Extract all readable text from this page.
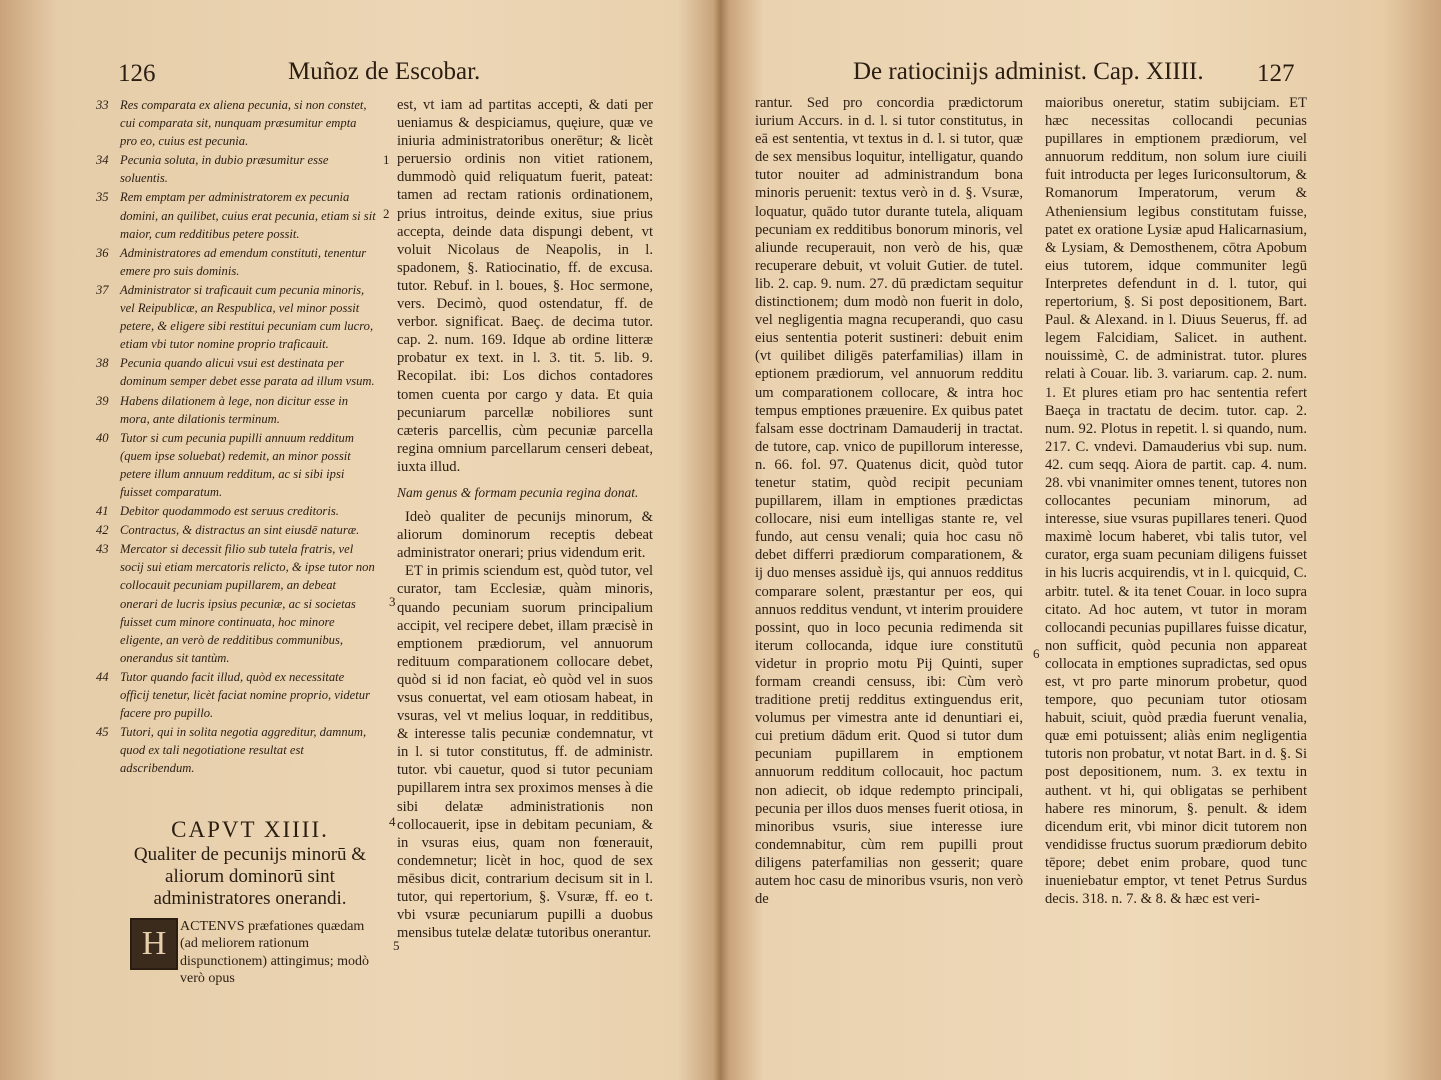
126	Muñoz de Escobar.
33 Res comparata ex aliena pecunia, si non constet, cui comparata sit, nunquam præsumitur empta pro eo, cuius est pecunia.
34 Pecunia soluta, in dubio præsumitur esse soluentis.
35 Rem emptam per administratorem ex pecunia domini, an quilibet, cuius erat pecunia, etiam si sit maior, cum redditibus petere possit.
36 Administratores ad emendum constituti, tenentur emere pro suis dominis.
37 Administrator si traficauit cum pecunia minoris, vel Reipublicæ, an Respublica, vel minor possit petere, & eligere sibi restitui pecuniam cum lucro, etiam vbi tutor nomine proprio traficauit.
38 Pecunia quando alicui vsui est destinata per dominum semper debet esse parata ad illum vsum.
39 Habens dilationem à lege, non dicitur esse in mora, ante dilationis terminum.
40 Tutor si cum pecunia pupilli annuum redditum (quem ipse soluebat) redemit, an minor possit petere illum annuum redditum, ac si sibi ipsi fuisset comparatum.
41 Debitor quodammodo est seruus creditoris.
42 Contractus, & distractus an sint eiusdē naturæ.
43 Mercator si decessit filio sub tutela fratris, vel socij sui etiam mercatoris relicto, & ipse tutor non collocauit pecuniam pupillarem, an debeat onerari de lucris ipsius pecuniæ, ac si societas fuisset cum minore continuata, hoc minore eligente, an verò de redditibus communibus, onerandus sit tantùm.
44 Tutor quando facit illud, quòd ex necessitate officij tenetur, licèt faciat nomine proprio, videtur facere pro pupillo.
45 Tutori, qui in solita negotia aggreditur, damnum, quod ex tali negotiatione resultat est adscribendum.
CAPVT XIIII.
Qualiter de pecunijs minorū & aliorum dominorū sint administratores onerandi.
H ACTENVS præfationes quædam (ad meliorem rationum dispunctionem) attingimus; modò verò opus

est, vt iam ad partitas accepti, & dati per ueniamus & despiciamus, quęiure, quæ ve iniuria administratoribus onerētur; & licèt peruersio ordinis non vitiet rationem, dummodò quid reliquatum fuerit, pateat: tamen ad rectam rationis ordinationem, prius introitus, deinde exitus, siue prius accepta, deinde data dispungi debent, vt voluit Nicolaus de Neapolis, in l. spadonem, §. Ratiocinatio, ff. de excusa. tutor. Rebuf. in l. boues, §. Hoc sermone, vers. Decimò, quod ostendatur, ff. de verbor. significat. Baeç. de decima tutor. cap. 2. num. 169. Idque ab ordine litteræ probatur ex text. in l. 3. tit. 5. lib. 9. Recopilat. ibi: Los dichos contadores tomen cuenta por cargo y data. Et quia pecuniarum parcellæ nobiliores sunt cæteris parcellis, cùm pecuniæ parcella regina omnium parcellarum censeri debeat, iuxta illud.

Nam genus & formam pecunia regina donat.

Ideò qualiter de pecunijs minorum, & aliorum dominorum receptis debeat administrator onerari; prius videndum erit.

ET in primis sciendum est, quòd tutor, vel curator, tam Ecclesiæ, quàm minoris, quando pecuniam suorum principalium accipit, vel recipere debet, illam præcisè in emptionem prædiorum, vel annuorum redituum comparationem collocare debet, quòd si id non faciat, eò quòd vel in suos vsus conuertat, vel eam otiosam habeat, in vsuras, vel vt melius loquar, in redditibus, & interesse talis pecuniæ condemnatur, vt in l. si tutor constitutus, ff. de administr. tutor. vbi cauetur, quod si tutor pecuniam pupillarem intra sex proximos menses à die sibi delatæ administrationis non collocauerit, ipse in debitam pecuniam, & in vsuras eius, quam non fœnerauit, condemnetur; licèt in hoc, quod de sex mēsibus dicit, contrarium decisum sit in l. tutor, qui repertorium, §. Vsuræ, ff. eo t. vbi vsuræ pecuniarum pupilli a duobus mensibus tutelæ delatæ tutoribus onerantur.

1
2
3
4
5
De ratiocinijs administ. Cap. XIIII. 127
rantur. Sed pro concordia prædictorum iurium Accurs. in d. l. si tutor constitutus, in eā est sententia, vt textus in d. l. si tutor, quæ de sex mensibus loquitur, intelligatur, quando tutor nouiter ad administrandum bona minoris peruenit: textus verò in d. §. Vsuræ, loquatur, quādo tutor durante tutela, aliquam pecuniam ex redditibus bonorum minoris, vel aliunde recuperauit, non verò de his, quæ recuperare debuit, vt voluit Gutier. de tutel. lib. 2. cap. 9. num. 27. dū prædictam sequitur distinctionem; dum modò non fuerit in dolo, vel negligentia magna recuperandi, quo casu eius sententia poterit sustineri: debuit enim (vt quilibet diligēs paterfamilias) illam in eptionem prædiorum, vel annuorum redditu um comparationem collocare, & intra hoc tempus emptiones præuenire. Ex quibus patet falsam esse doctrinam Damauderij in tractat. de tutore, cap. vnico de pupillorum interesse, n. 66. fol. 97. Quatenus dicit, quòd tutor tenetur statim, quòd recipit pecuniam pupillarem, illam in emptiones prædictas collocare, nisi eum intelligas stante re, vel fundo, aut censu venali; quia hoc casu nō debet differri prædiorum comparationem, & ij duo menses assiduè ijs, qui annuos redditus comparare solent, præstantur per eos, qui annuos redditus vendunt, vt interim prouidere possint, quo in loco pecunia redimenda sit iterum collocanda, idque iure constitutū videtur in proprio motu Pij Quinti, super formam creandi censuss, ibi: Cùm verò traditione pretij redditus extinguendus erit, volumus per vimestra ante id denuntiari ei, cui pretium dādum erit. Quod si tutor dum pecuniam pupillarem in emptionem annuorum redditum collocauit, hoc pactum non adiecit, ob idque redempto principali, pecunia per illos duos menses fuerit otiosa, in minoribus vsuris, siue interesse iure condemnabitur, cùm rem pupilli prout diligens paterfamilias non gesserit; quare autem hoc casu de minoribus vsuris, non verò de
maioribus oneretur, statim subijciam. ET hæc necessitas collocandi pecunias pupillares in emptionem prædiorum, vel annuorum redditum, non solum iure ciuili fuit introducta per leges Iuriconsultorum, & Romanorum Imperatorum, verum & Atheniensium legibus constitutam fuisse, patet ex oratione Lysiæ apud Halicarnasium, & Lysiam, & Demosthenem, cōtra Apobum eius tutorem, idque communiter legū Interpretes defendunt in d. l. tutor, qui repertorium, §. Si post depositionem, Bart. Paul. & Alexand. in l. Diuus Seuerus, ff. ad legem Falcidiam, Salicet. in authent. nouissimè, C. de administrat. tutor. plures relati à Couar. lib. 3. variarum. cap. 2. num. 1. Et plures etiam pro hac sententia refert Baeça in tractatu de decim. tutor. cap. 2. num. 92. Plotus in repetit. l. si quando, num. 217. C. vndevi. Damauderius vbi sup. num. 42. cum seqq. Aiora de partit. cap. 4. num. 28. vbi vnanimiter omnes tenent, tutores non collocantes pecuniam minorum, ad interesse, siue vsuras pupillares teneri. Quod maximè locum haberet, vbi talis tutor, vel curator, erga suam pecuniam diligens fuisset in his lucris acquirendis, vt in l. quicquid, C. arbitr. tutel. & ita tenet Couar. in loco supra citato. Ad hoc autem, vt tutor in moram collocandi pecunias pupillares fuisse dicatur, non sufficit, quòd pecunia non appareat collocata in emptiones supradictas, sed opus est, vt pro parte minorum probetur, quod tempore, quo pecuniam tutor otiosam habuit, sciuit, quòd prædia fuerunt venalia, quæ emi potuissent; aliàs enim negligentia tutoris non probatur, vt notat Bart. in d. §. Si post depositionem, num. 3. ex textu in authent. vt hi, qui obligatas se perhibent habere res minorum, §. penult. & idem dicendum erit, vbi minor dicit tutorem non vendidisse fructus suorum prædiorum debito tēpore; debet enim probare, quod tunc inueniebatur emptor, vt tenet Petrus Surdus decis. 318. n. 7. & 8. & hæc est veri-
6
